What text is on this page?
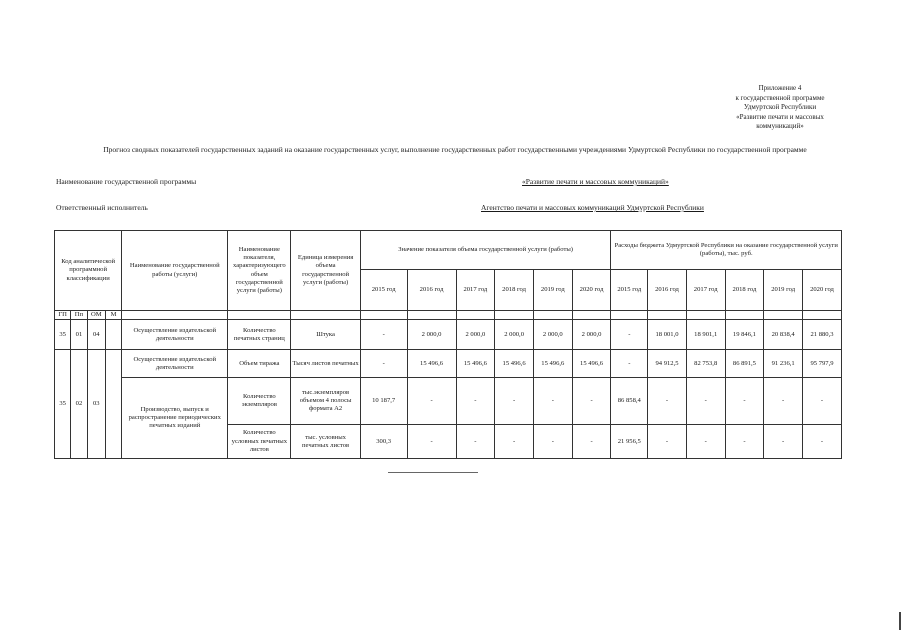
Приложение 4
к государственной программе
Удмуртской Республики
«Развитие печати и массовых
коммуникаций»
Прогноз сводных показателей государственных заданий на оказание государственных услуг, выполнение государственных работ государственными учреждениями Удмуртской Республики по государственной программе
Наименование государственной программы	«Развитие печати и массовых коммуникаций»
Ответственный исполнитель	Агентство печати и массовых коммуникаций Удмуртской Республики
Код аналитической программной классификации				Наименование государственной работы (услуги)	Наименование показателя, характеризующего объем государственной услуги (работы)	Единица измерения объема государственной услуги (работы)	Значение показателя объема государственной услуги (работы)						Расходы бюджета Удмуртской Республики на оказание государственной услуги (работы), тыс. руб.					
							2015 год	2016 год	2017 год	2018 год	2019 год	2020 год	2015 год	2016 год	2017 год	2018 год	2019 год	2020 год
ГП	Пп	ОМ	М															
35	01	04		Осуществление издательской деятельности	Количество печатных страниц	Штука	-	2 000,0	2 000,0	2 000,0	2 000,0	2 000,0	-	18 001,0	18 901,1	19 846,1	20 838,4	21 880,3
35	02	03		Осуществление издательской деятельности	Объем тиража	Тысяч листов печатных	-	15 496,6	15 496,6	15 496,6	15 496,6	15 496,6	-	94 912,5	82 753,8	86 891,5	91 236,1	95 797,9
				Производство, выпуск и распространение периодических печатных изданий	Количество экземпляров	тыс.экземпляров объемом 4 полосы формата А2	10 187,7	-	-	-	-	-	86 858,4	-	-	-	-	-
					Количество условных печатных листов	тыс. условных печатных листов	300,3	-	-	-	-	-	21 956,5	-	-	-	-	-
